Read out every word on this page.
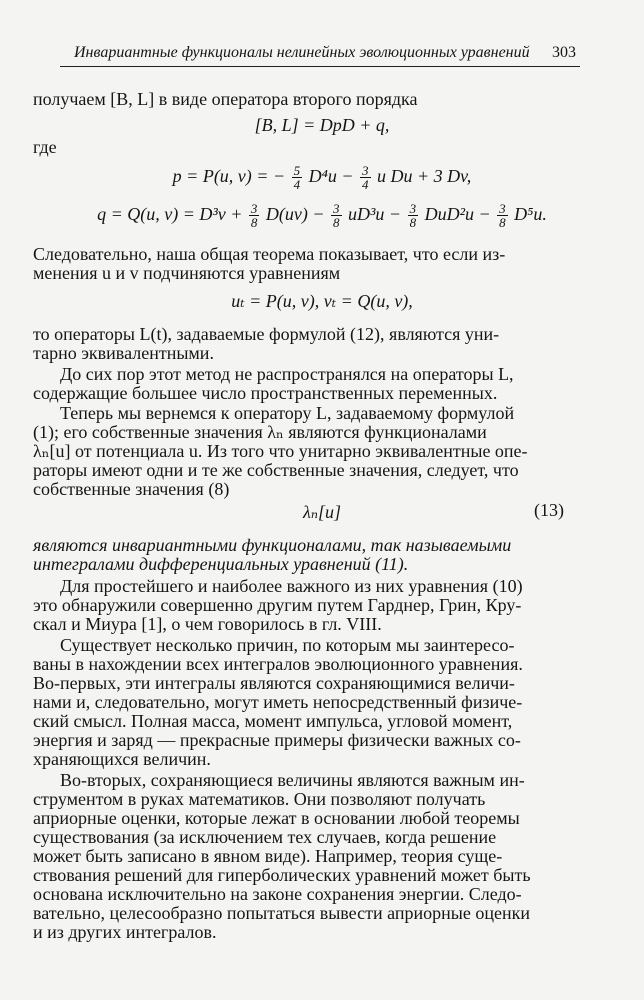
Инвариантные функционалы нелинейных эволюционных уравнений 303
получаем [B, L] в виде оператора второго порядка
[B, L] = DpD + q,
где
p = P(u, v) = − $\frac{5}{4} D^4u - \frac{3}{4}$ u Du + 3 Dv,
q = Q(u, $v) = D^3v + \frac{3}{8} D(uv) - \frac{3}{8} uD^3u - \frac{3}{8} DuD^2u - \frac{3}{8} D^5u$.
Следовательно, наша общая теорема показывает, что если из-
менения u и v подчиняются уравнениям
uₜ = P(u, v), vₜ = Q(u, v),
то операторы L(t), задаваемые формулой (12), являются уни-
тарно эквивалентными.
До сих пор этот метод не распространялся на операторы L,
содержащие большее число пространственных переменных.
Теперь мы вернемся к оператору L, задаваемому формулой
(1); его собственные значения λₙ являются функционалами
λₙ[u] от потенциала u. Из того что унитарно эквивалентные опе-
раторы имеют одни и те же собственные значения, следует, что
собственные значения (8)
λₙ[u]	(13)
являются инвариантными функционалами, так называемыми
интегралами дифференциальных уравнений (11).
Для простейшего и наиболее важного из них уравнения (10)
это обнаружили совершенно другим путем Гарднер, Грин, Кру-
скал и Миура [1], о чем говорилось в гл. VIII.
Существует несколько причин, по которым мы заинтересо-
ваны в нахождении всех интегралов эволюционного уравнения.
Во-первых, эти интегралы являются сохраняющимися величи-
нами и, следовательно, могут иметь непосредственный физиче-
ский смысл. Полная масса, момент импульса, угловой момент,
энергия и заряд — прекрасные примеры физически важных со-
храняющихся величин.
Во-вторых, сохраняющиеся величины являются важным ин-
струментом в руках математиков. Они позволяют получать
априорные оценки, которые лежат в основании любой теоремы
существования (за исключением тех случаев, когда решение
может быть записано в явном виде). Например, теория суще-
ствования решений для гиперболических уравнений может быть
основана исключительно на законе сохранения энергии. Следо-
вательно, целесообразно попытаться вывести априорные оценки
и из других интегралов.
